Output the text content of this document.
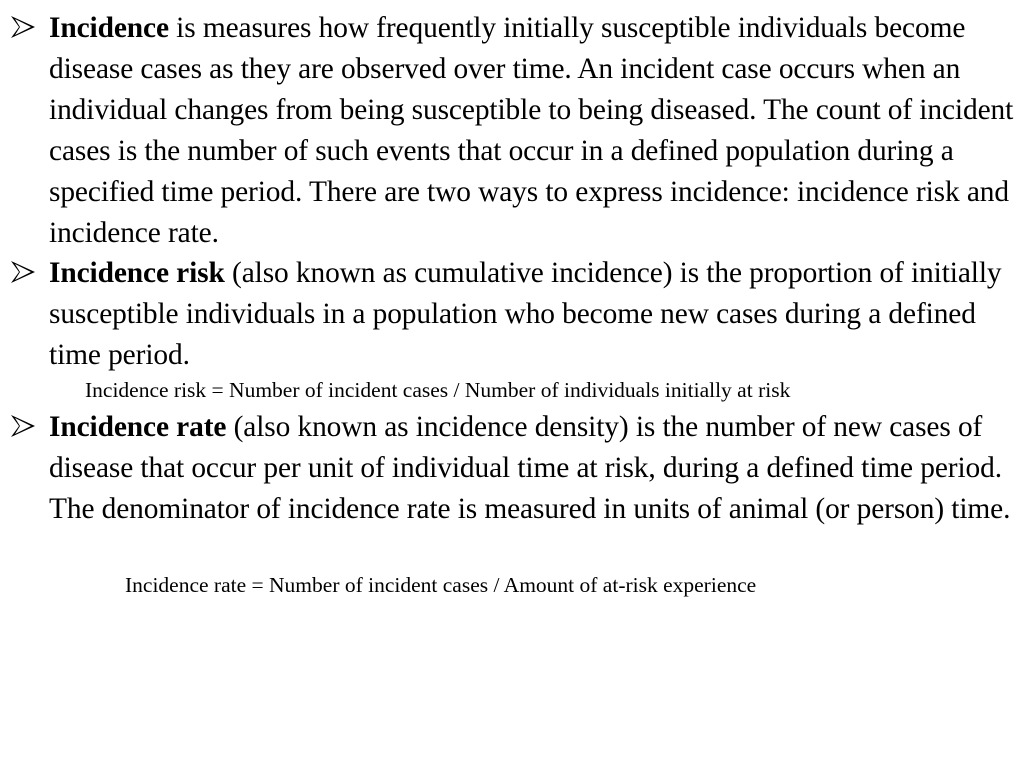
Incidence is measures how frequently initially susceptible individuals become disease cases as they are observed over time. An incident case occurs when an individual changes from being susceptible to being diseased. The count of incident cases is the number of such events that occur in a defined population during a specified time period. There are two ways to express incidence: incidence risk and incidence rate.

Incidence risk (also known as cumulative incidence) is the proportion of initially susceptible individuals in a population who become new cases during a defined time period.

Incidence risk = Number of incident cases / Number of individuals initially at risk

Incidence rate (also known as incidence density) is the number of new cases of disease that occur per unit of individual time at risk, during a defined time period. The denominator of incidence rate is measured in units of animal (or person) time.

Incidence rate = Number of incident cases / Amount of at-risk experience
